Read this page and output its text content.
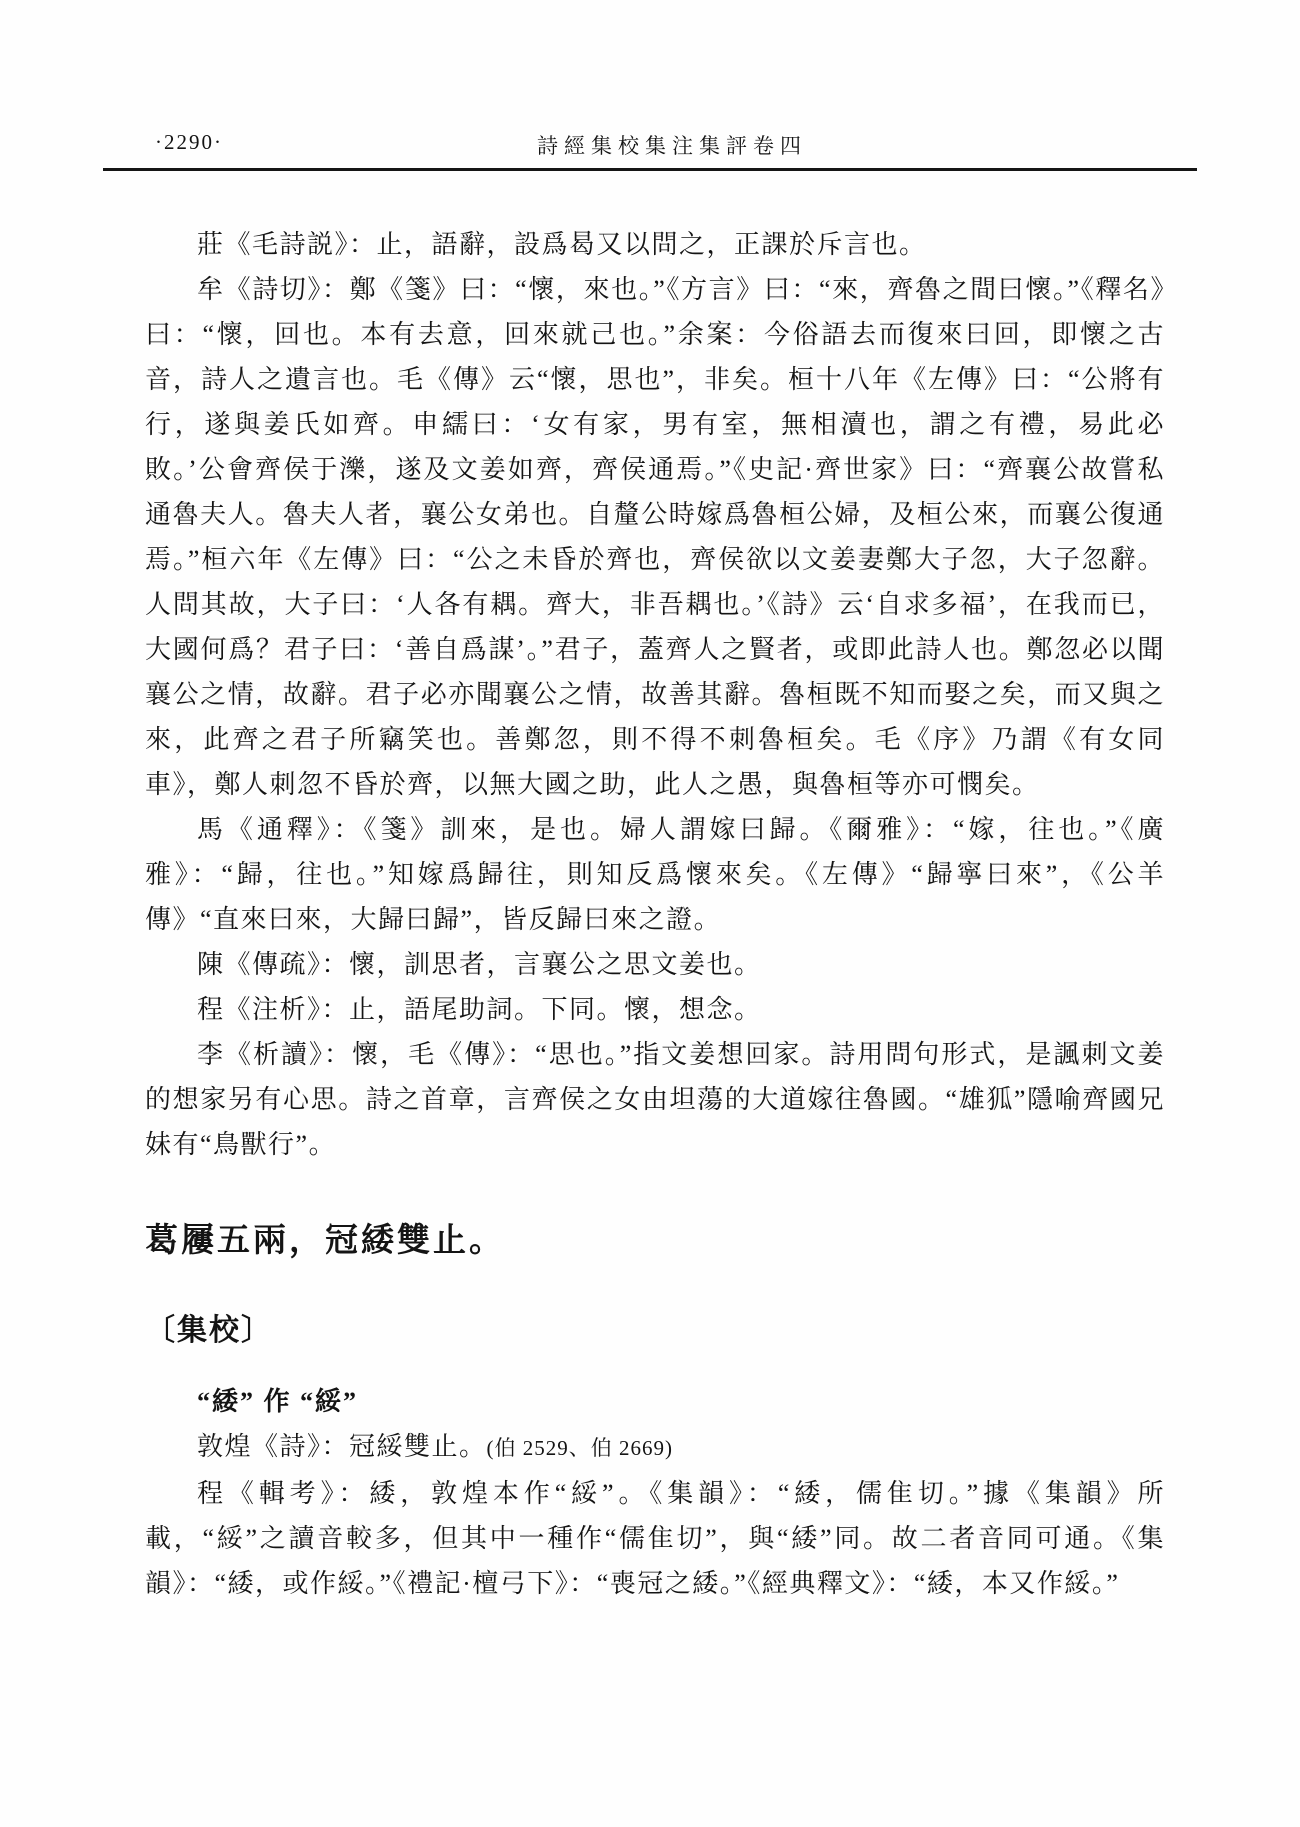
·2290·	詩經集校集注集評卷四

莊《毛詩説》：止，語辭，設爲曷又以問之，正課於斥言也。

牟《詩切》：鄭《箋》曰：“懷，來也。”《方言》曰：“來，齊魯之間曰懷。”《釋名》曰：“懷，回也。本有去意，回來就己也。”余案：今俗語去而復來曰回，即懷之古音，詩人之遺言也。毛《傳》云“懷，思也”，非矣。桓十八年《左傳》曰：“公將有行，遂與姜氏如齊。申繻曰：‘女有家，男有室，無相瀆也，謂之有禮，易此必敗。’公會齊侯于濼，遂及文姜如齊，齊侯通焉。”《史記·齊世家》曰：“齊襄公故嘗私通魯夫人。魯夫人者，襄公女弟也。自釐公時嫁爲魯桓公婦，及桓公來，而襄公復通焉。”桓六年《左傳》曰：“公之未昏於齊也，齊侯欲以文姜妻鄭大子忽，大子忽辭。人問其故，大子曰：‘人各有耦。齊大，非吾耦也。’《詩》云‘自求多福’，在我而已，大國何爲？君子曰：‘善自爲謀’。”君子，蓋齊人之賢者，或即此詩人也。鄭忽必以聞襄公之情，故辭。君子必亦聞襄公之情，故善其辭。魯桓既不知而娶之矣，而又與之來，此齊之君子所竊笑也。善鄭忽，則不得不刺魯桓矣。毛《序》乃謂《有女同車》，鄭人刺忽不昏於齊，以無大國之助，此人之愚，與魯桓等亦可憫矣。

馬《通釋》：《箋》訓來，是也。婦人謂嫁曰歸。《爾雅》：“嫁，往也。”《廣雅》：“歸，往也。”知嫁爲歸往，則知反爲懷來矣。《左傳》“歸寧曰來”，《公羊傳》“直來曰來，大歸曰歸”，皆反歸曰來之證。

陳《傳疏》：懷，訓思者，言襄公之思文姜也。

程《注析》：止，語尾助詞。下同。懷，想念。

李《析讀》：懷，毛《傳》：“思也。”指文姜想回家。詩用問句形式，是諷刺文姜的想家另有心思。詩之首章，言齊侯之女由坦蕩的大道嫁往魯國。“雄狐”隱喻齊國兄妹有“鳥獸行”。

葛屨五兩，冠緌雙止。
〔集校〕
“緌” 作 “綏”

敦煌《詩》：冠綏雙止。(伯 2529、伯 2669)

程《輯考》：緌，敦煌本作“綏”。《集韻》：“緌，儒隹切。”據《集韻》所載，“綏”之讀音較多，但其中一種作“儒隹切”，與“緌”同。故二者音同可通。《集韻》：“緌，或作綏。”《禮記·檀弓下》：“喪冠之緌。”《經典釋文》：“緌，本又作綏。”
